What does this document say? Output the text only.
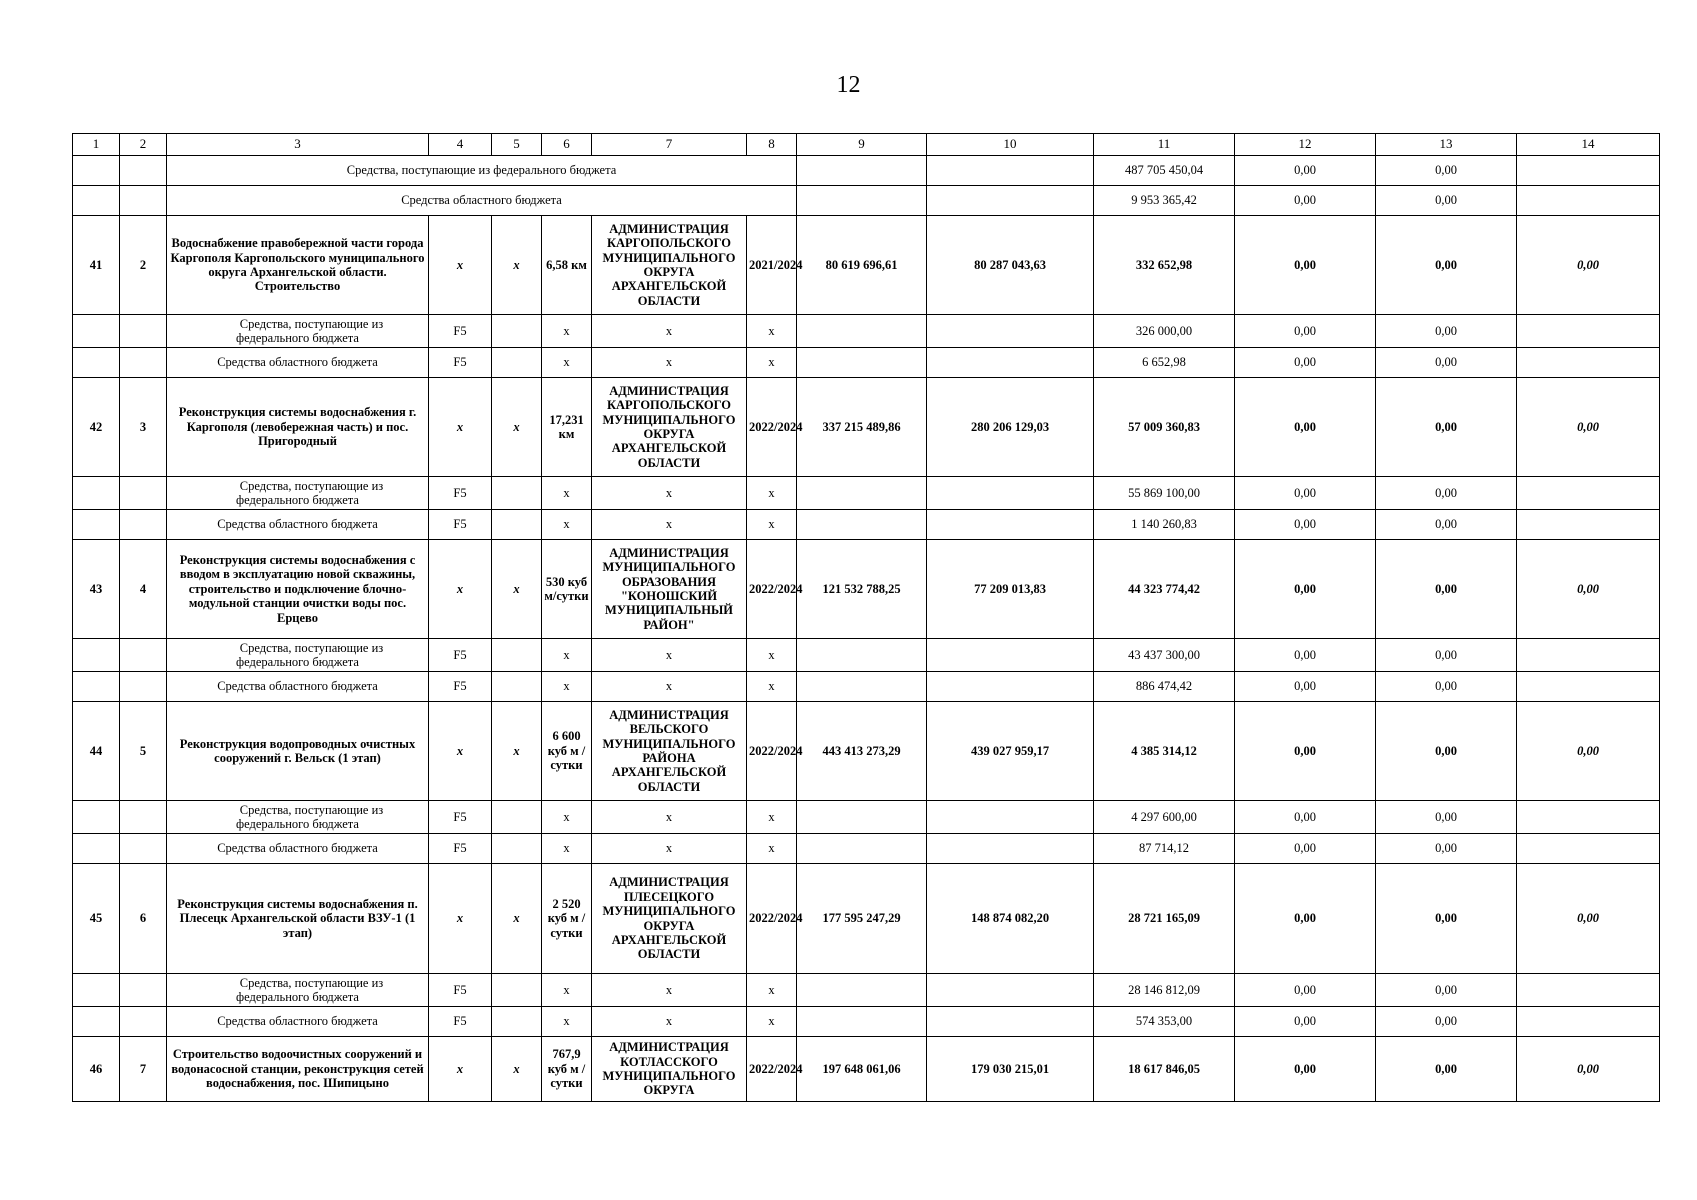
12
1	2	3	4	5	6	7	8	9	10	11	12	13	14
		Средства, поступающие из федерального бюджета								487 705 450,04	0,00	0,00	
		Средства областного бюджета								9 953 365,42	0,00	0,00	
41	2	Водоснабжение правобережной части города Каргополя Каргопольского муниципального округа Архангельской области. Строительство	x	x	6,58 км	АДМИНИСТРАЦИЯ КАРГОПОЛЬСКОГО МУНИЦИПАЛЬНОГО ОКРУГА АРХАНГЕЛЬСКОЙ ОБЛАСТИ	2021/2024	80 619 696,61	80 287 043,63	332 652,98	0,00	0,00	0,00
		Средства, поступающие из
федерального бюджета	F5		x	x	x			326 000,00	0,00	0,00	
		Средства областного бюджета	F5		x	x	x			6 652,98	0,00	0,00	
42	3	Реконструкция системы водоснабжения г. Каргополя (левобережная часть) и пос. Пригородный	x	x	17,231 км	АДМИНИСТРАЦИЯ КАРГОПОЛЬСКОГО МУНИЦИПАЛЬНОГО ОКРУГА АРХАНГЕЛЬСКОЙ ОБЛАСТИ	2022/2024	337 215 489,86	280 206 129,03	57 009 360,83	0,00	0,00	0,00
		Средства, поступающие из
федерального бюджета	F5		x	x	x			55 869 100,00	0,00	0,00	
		Средства областного бюджета	F5		x	x	x			1 140 260,83	0,00	0,00	
43	4	Реконструкция системы водоснабжения с вводом в эксплуатацию новой скважины, строительство и подключение блочно-модульной станции очистки воды пос. Ерцево	x	x	530 куб м/сутки	АДМИНИСТРАЦИЯ МУНИЦИПАЛЬНОГО ОБРАЗОВАНИЯ "КОНОШСКИЙ МУНИЦИПАЛЬНЫЙ РАЙОН"	2022/2024	121 532 788,25	77 209 013,83	44 323 774,42	0,00	0,00	0,00
		Средства, поступающие из
федерального бюджета	F5		x	x	x			43 437 300,00	0,00	0,00	
		Средства областного бюджета	F5		x	x	x			886 474,42	0,00	0,00	
44	5	Реконструкция водопроводных очистных сооружений г. Вельск (1 этап)	x	x	6 600 куб м / сутки	АДМИНИСТРАЦИЯ ВЕЛЬСКОГО МУНИЦИПАЛЬНОГО РАЙОНА АРХАНГЕЛЬСКОЙ ОБЛАСТИ	2022/2024	443 413 273,29	439 027 959,17	4 385 314,12	0,00	0,00	0,00
		Средства, поступающие из
федерального бюджета	F5		x	x	x			4 297 600,00	0,00	0,00	
		Средства областного бюджета	F5		x	x	x			87 714,12	0,00	0,00	
45	6	Реконструкция системы водоснабжения п. Плесецк Архангельской области ВЗУ-1 (1 этап)	x	x	2 520 куб м / сутки	АДМИНИСТРАЦИЯ ПЛЕСЕЦКОГО МУНИЦИПАЛЬНОГО ОКРУГА АРХАНГЕЛЬСКОЙ ОБЛАСТИ	2022/2024	177 595 247,29	148 874 082,20	28 721 165,09	0,00	0,00	0,00
		Средства, поступающие из
федерального бюджета	F5		x	x	x			28 146 812,09	0,00	0,00	
		Средства областного бюджета	F5		x	x	x			574 353,00	0,00	0,00	
46	7	Строительство водоочистных сооружений и водонасосной станции, реконструкция сетей водоснабжения, пос. Шипицыно	x	x	767,9 куб м / сутки	АДМИНИСТРАЦИЯ КОТЛАССКОГО МУНИЦИПАЛЬНОГО ОКРУГА	2022/2024	197 648 061,06	179 030 215,01	18 617 846,05	0,00	0,00	0,00
